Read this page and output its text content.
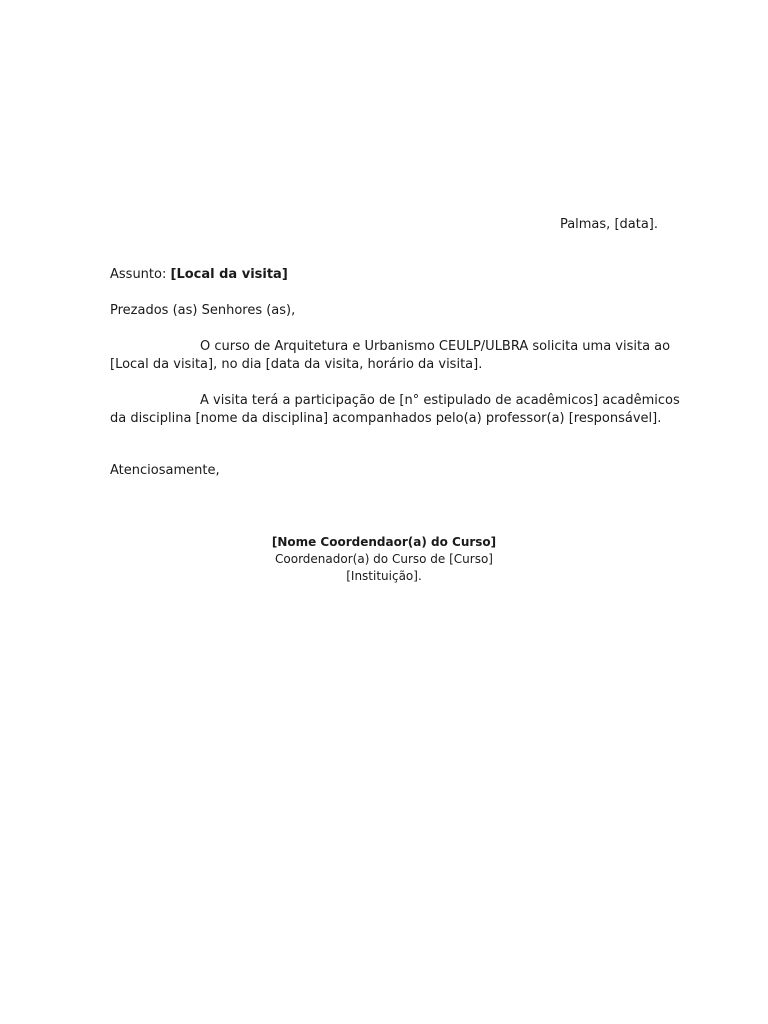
Palmas, [data].
Assunto: [Local da visita]
Prezados (as) Senhores (as),
O curso de Arquitetura e Urbanismo CEULP/ULBRA solicita uma visita ao
[Local da visita], no dia [data da visita, horário da visita].
A visita terá a participação de [n° estipulado de acadêmicos] acadêmicos
da disciplina [nome da disciplina] acompanhados pelo(a) professor(a) [responsável].
Atenciosamente,
[Nome Coordendaor(a) do Curso]
Coordenador(a) do Curso de [Curso]
[Instituição].
